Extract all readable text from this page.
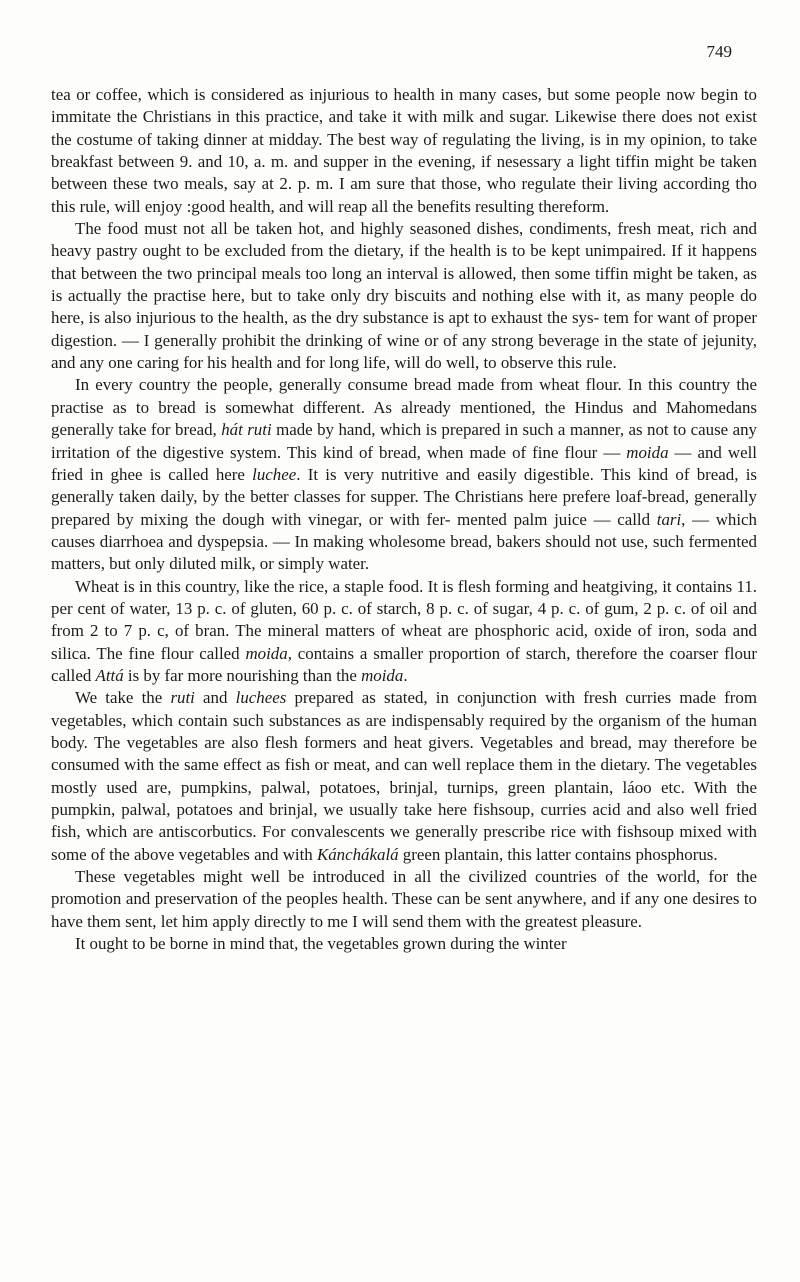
749

tea or coffee, which is considered as injurious to health in many cases, but some people now begin to immitate the Christians in this practice, and take it with milk and sugar. Likewise there does not exist the costume of taking dinner at midday. The best way of regulating the living, is in my opinion, to take breakfast between 9. and 10, a. m. and supper in the evening, if nesessary a light tiffin might be taken between these two meals, say at 2. p. m. I am sure that those, who regulate their living according tho this rule, will enjoy :good health, and will reap all the benefits resulting thereform.

The food must not all be taken hot, and highly seasoned dishes, condiments, fresh meat, rich and heavy pastry ought to be excluded from the dietary, if the health is to be kept unimpaired. If it happens that between the two principal meals too long an interval is allowed, then some tiffin might be taken, as is actually the practise here, but to take only dry biscuits and nothing else with it, as many people do here, is also injurious to the health, as the dry substance is apt to exhaust the sys- tem for want of proper digestion. — I generally prohibit the drinking of wine or of any strong beverage in the state of jejunity, and any one caring for his health and for long life, will do well, to observe this rule.

In every country the people, generally consume bread made from wheat flour. In this country the practise as to bread is somewhat different. As already mentioned, the Hindus and Mahomedans generally take for bread, hát ruti made by hand, which is prepared in such a manner, as not to cause any irritation of the digestive system. This kind of bread, when made of fine flour — moida — and well fried in ghee is called here luchee. It is very nutritive and easily digestible. This kind of bread, is generally taken daily, by the better classes for supper. The Christians here prefere loaf-bread, generally prepared by mixing the dough with vinegar, or with fer- mented palm juice — calld tari, — which causes diarrhoea and dyspepsia. — In making wholesome bread, bakers should not use, such fermented matters, but only diluted milk, or simply water.

Wheat is in this country, like the rice, a staple food. It is flesh forming and heatgiving, it contains 11. per cent of water, 13 p. c. of gluten, 60 p. c. of starch, 8 p. c. of sugar, 4 p. c. of gum, 2 p. c. of oil and from 2 to 7 p. c, of bran. The mineral matters of wheat are phosphoric acid, oxide of iron, soda and silica. The fine flour called moida, contains a smaller proportion of starch, therefore the coarser flour called Attá is by far more nourishing than the moida.

We take the ruti and luchees prepared as stated, in conjunction with fresh curries made from vegetables, which contain such substances as are indispensably required by the organism of the human body. The vegetables are also flesh formers and heat givers. Vegetables and bread, may therefore be consumed with the same effect as fish or meat, and can well replace them in the dietary. The vegetables mostly used are, pumpkins, palwal, potatoes, brinjal, turnips, green plantain, láoo etc. With the pumpkin, palwal, potatoes and brinjal, we usually take here fishsoup, curries acid and also well fried fish, which are antiscorbutics. For convalescents we generally prescribe rice with fishsoup mixed with some of the above vegetables and with Kánchákalá green plantain, this latter contains phosphorus.

These vegetables might well be introduced in all the civilized countries of the world, for the promotion and preservation of the peoples health. These can be sent anywhere, and if any one desires to have them sent, let him apply directly to me I will send them with the greatest pleasure.

It ought to be borne in mind that, the vegetables grown during the winter
